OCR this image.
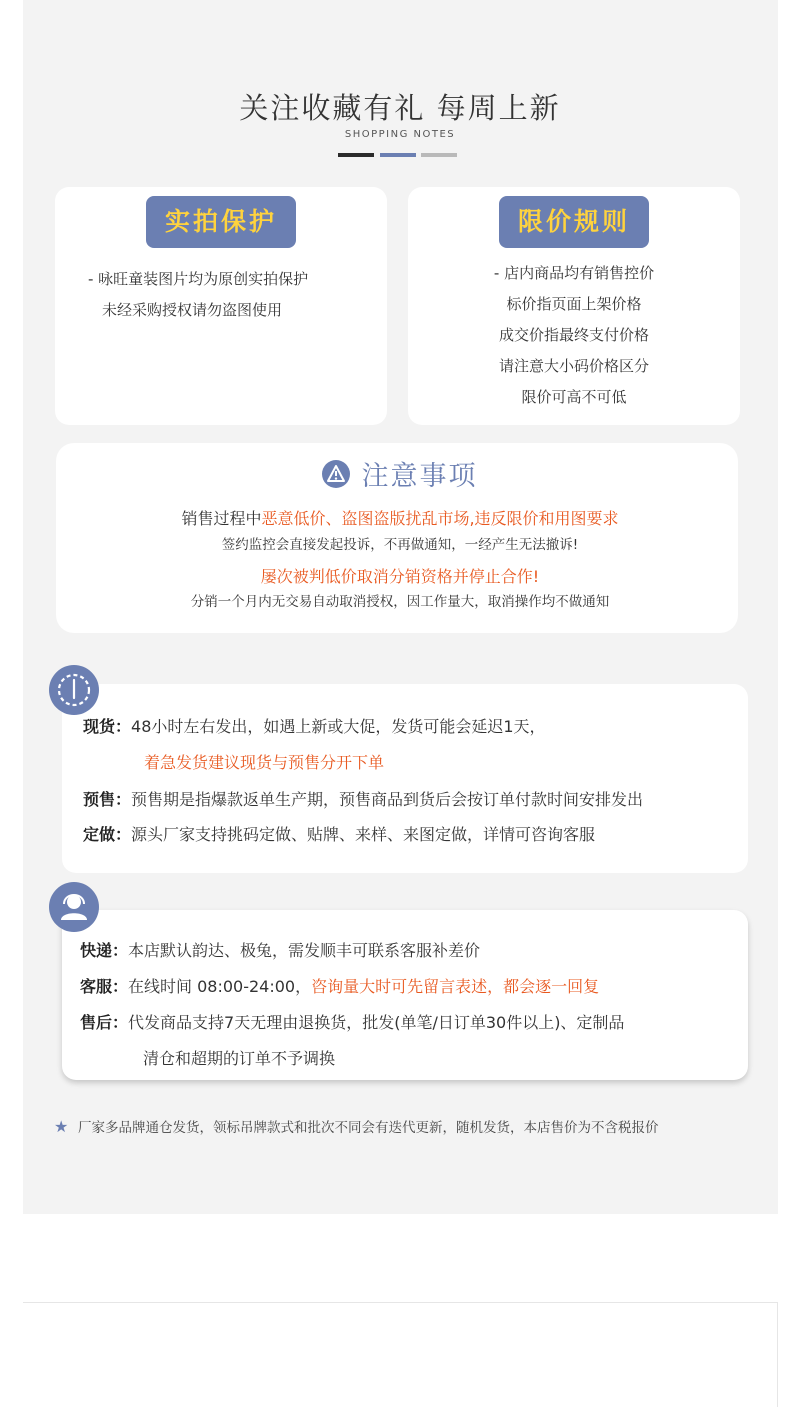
关注收藏有礼 每周上新
SHOPPING NOTES
实拍保护
- 咏旺童装图片均为原创实拍保护
未经采购授权请勿盗图使用
限价规则
- 店内商品均有销售控价
标价指页面上架价格
成交价指最终支付价格
请注意大小码价格区分
限价可高不可低
注意事项
销售过程中恶意低价、盗图盗版扰乱市场,违反限价和用图要求
签约监控会直接发起投诉，不再做通知，一经产生无法撤诉!
屡次被判低价取消分销资格并停止合作!
分销一个月内无交易自动取消授权，因工作量大，取消操作均不做通知
现货：48小时左右发出，如遇上新或大促，发货可能会延迟1天，
着急发货建议现货与预售分开下单
预售：预售期是指爆款返单生产期，预售商品到货后会按订单付款时间安排发出
定做：源头厂家支持挑码定做、贴牌、来样、来图定做，详情可咨询客服
快递：本店默认韵达、极兔，需发顺丰可联系客服补差价
客服：在线时间 08:00-24:00，咨询量大时可先留言表述，都会逐一回复
售后：代发商品支持7天无理由退换货，批发(单笔/日订单30件以上)、定制品
清仓和超期的订单不予调换
★ 厂家多品牌通仓发货，领标吊牌款式和批次不同会有迭代更新，随机发货，本店售价为不含税报价
